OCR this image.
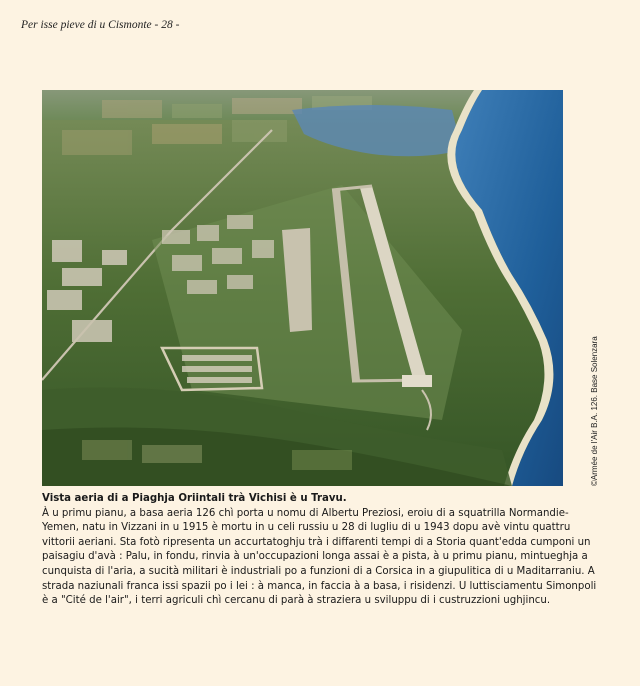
Per isse pieve di u Cismonte - 28 -
©Armée de l'Air B.A. 126. Base Solenzara
Vista aeria di a Piaghja Oriintali trà Vichisi è u Travu.

À u primu pianu, a basa aeria 126 chì porta u nomu di Albertu Preziosi, eroiu di a squatrilla Normandie-Yemen, natu in Vizzani in u 1915 è mortu in u celi russiu u 28 di lugliu di u 1943 dopu avè vintu quattru vittorii aeriani. Sta fotò ripresenta un accurtatoghju trà i diffarenti tempi di a Storia quant'edda cumponi un paisagiu d'avà : Palu, in fondu, rinvia à un'occupazioni longa assai è a pista, à u primu pianu, mintueghja a cunquista di l'aria, a sucità militari è industriali po a funzioni di a Corsica in a giupulitica di u Maditarraniu. A strada naziunali franca issi spazii po i lei : à manca, in faccia à a basa, i risidenzi. U luttisciamentu Simonpoli è a "Cité de l'air", i terri agriculi chì cercanu di parà à straziera u sviluppu di i custruzzioni ughjincu.
